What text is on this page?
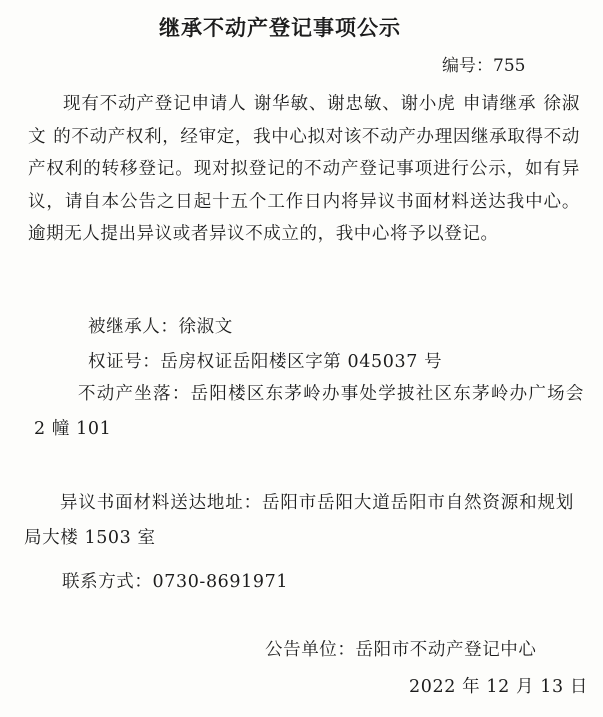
继承不动产登记事项公示
编号：755
现有不动产登记申请人 谢华敏、谢忠敏、谢小虎 申请继承 徐淑文 的不动产权利，经审定，我中心拟对该不动产办理因继承取得不动产权利的转移登记。现对拟登记的不动产登记事项进行公示，如有异议，请自本公告之日起十五个工作日内将异议书面材料送达我中心。逾期无人提出异议或者异议不成立的，我中心将予以登记。
被继承人：徐淑文
权证号：岳房权证岳阳楼区字第 045037 号
不动产坐落：岳阳楼区东茅岭办事处学披社区东茅岭办广场会 2 幢 101
异议书面材料送达地址：岳阳市岳阳大道岳阳市自然资源和规划局大楼 1503 室
联系方式：0730-8691971
公告单位：岳阳市不动产登记中心
2022 年 12 月 13 日
